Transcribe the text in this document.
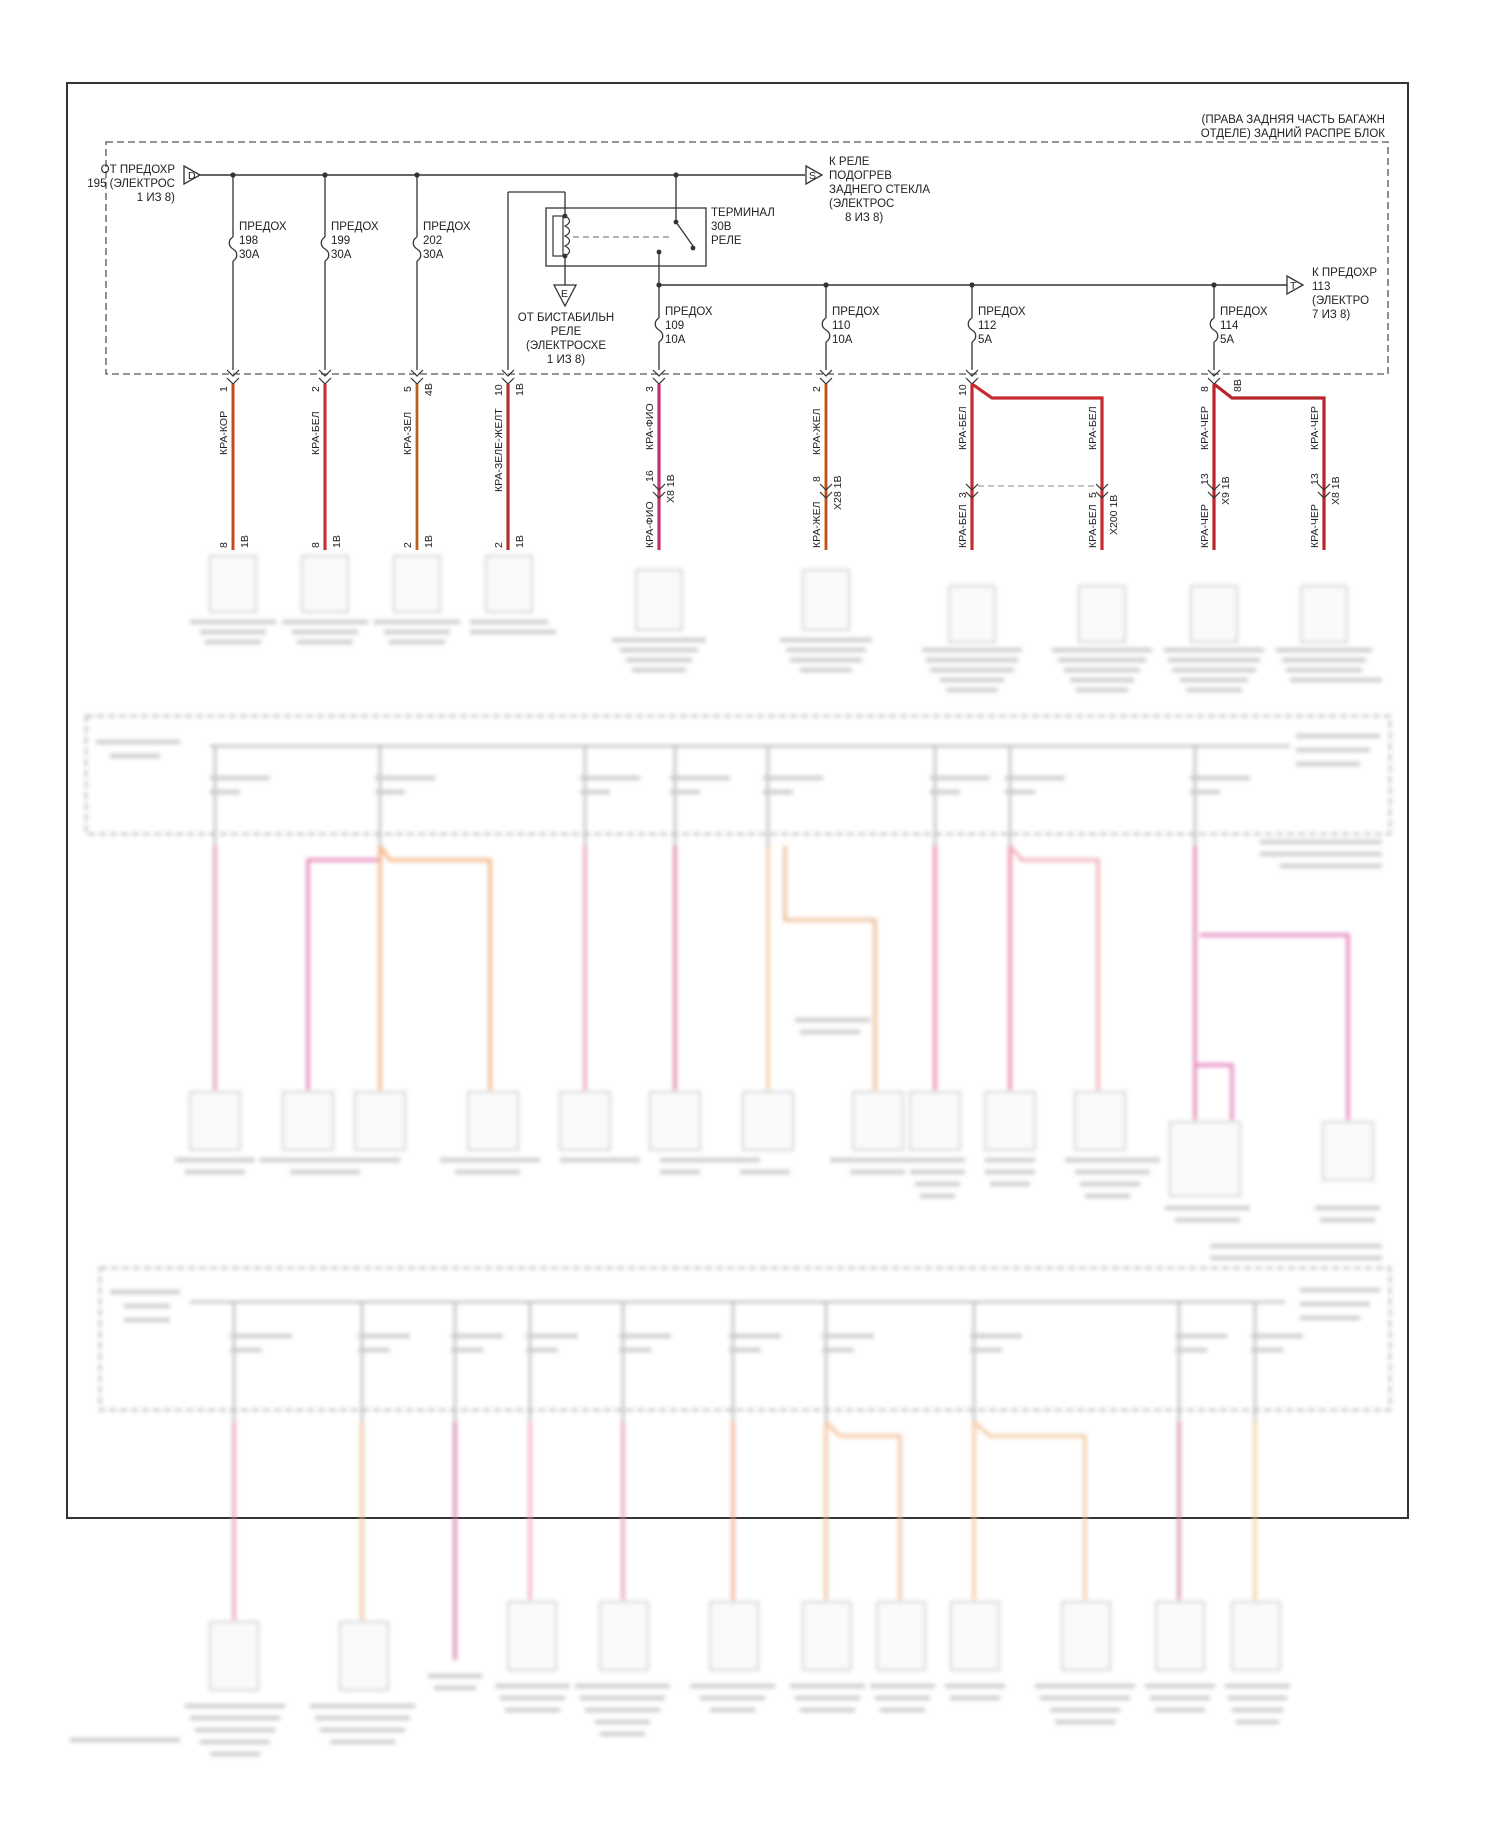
(ПРАВА ЗАДНЯЯ ЧАСТЬ БАГАЖН
ОТДЕЛЕ) ЗАДНИЙ РАСПРЕ БЛОК
ОТ ПРЕДОХР
195 (ЭЛЕКТРОС
1 ИЗ 8)
D	S
К РЕЛЕ
ПОДОГРЕВ
ЗАДНЕГО СТЕКЛА
(ЭЛЕКТРОС
8 ИЗ 8)
ПРЕДОХ
198
30А
ПРЕДОХ
199
30А
ПРЕДОХ
202
30А
ТЕРМИНАЛ
30В
РЕЛЕ
E
ОТ БИСТАБИЛЬН
РЕЛЕ
(ЭЛЕКТРОСХЕ
1 ИЗ 8)
T
К ПРЕДОХР
113
(ЭЛЕКТРО
7 ИЗ 8)
ПРЕДОХ
109
10А
ПРЕДОХ
110
10А
ПРЕДОХ
112
5А
ПРЕДОХ
114
5А
1	2	5 4В	10 1В	3	2	10	8 8В
КРА-КОР	КРА-БЕЛ	КРА-ЗЕЛ	КРА-ЗЕЛЕ-ЖЕЛТ	КРА-ФИО	КРА-ЖЕЛ	КРА-БЕЛ	КРА-БЕЛ	КРА-ЧЕР	КРА-ЧЕР
16 Х8 1В	8 Х28 1В	3	5 Х200 1В
13 Х9 1В	13 Х8 1В
КРА-ФИО	КРА-ЖЕЛ	КРА-БЕЛ	КРА-БЕЛ	КРА-ЧЕР	КРА-ЧЕР
8 1В	8 1В	2 1В	2 1В
